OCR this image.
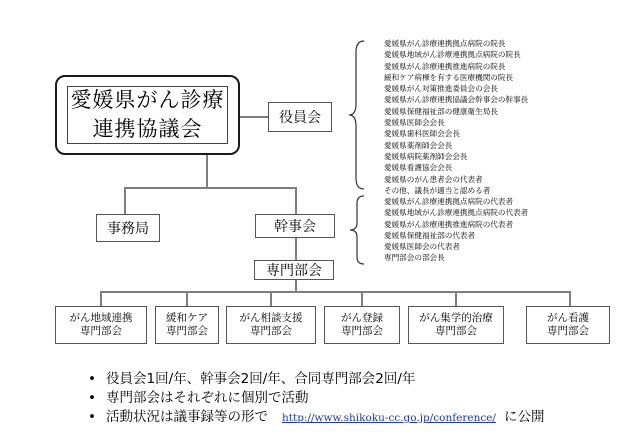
愛媛県がん診療
連携協議会	役員会
愛媛県がん診療連携拠点病院の院長
愛媛県地域がん診療連携拠点病院の院長
愛媛県がん診療連携推進病院の院長
緩和ケア病棟を有する医療機関の院長
愛媛県がん対策推進委員会の会長
愛媛県がん診療連携協議会幹事会の幹事長
愛媛県保健福祉部の健康衛生局長
愛媛県医師会会長
愛媛県歯科医師会会長
愛媛県薬剤師会会長
愛媛県病院薬剤師会会長
愛媛県看護協会会長
愛媛県のがん患者会の代表者
その他、議長が適当と認める者
事務局	幹事会
愛媛県がん診療連携拠点病院の代表者
愛媛県地域がん診療連携拠点病院の代表者
愛媛県がん診療連携推進病院の代表者
愛媛県保健福祉部の代表者
愛媛県医師会の代表者
専門部会の部会長
専門部会
がん地域連携
専門部会
緩和ケア
専門部会
がん相談支援
専門部会
がん登録
専門部会
がん集学的治療
専門部会
がん看護
専門部会
• 役員会1回/年、幹事会2回/年、合同専門部会2回/年
• 専門部会はそれぞれに個別で活動
• 活動状況は議事録等の形で http://www.shikoku-cc.go.jp/conference/ に公開
